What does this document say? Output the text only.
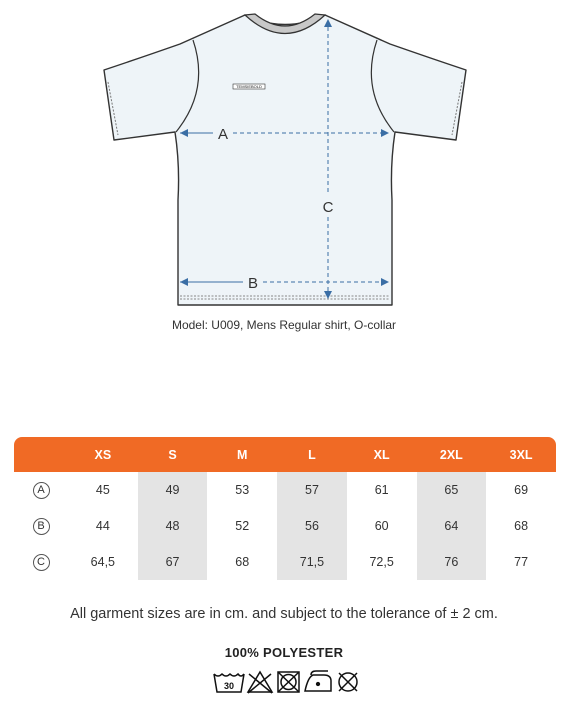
TEMSIEBOLD
A
B
C
Model: U009, Mens Regular shirt, O-collar
	XS	S	M	L	XL	2XL	3XL
A	45	49	53	57	61	65	69
B	44	48	52	56	60	64	68
C	64,5	67	68	71,5	72,5	76	77
All garment sizes are in cm. and subject to the tolerance of ± 2 cm.
100% POLYESTER
30
